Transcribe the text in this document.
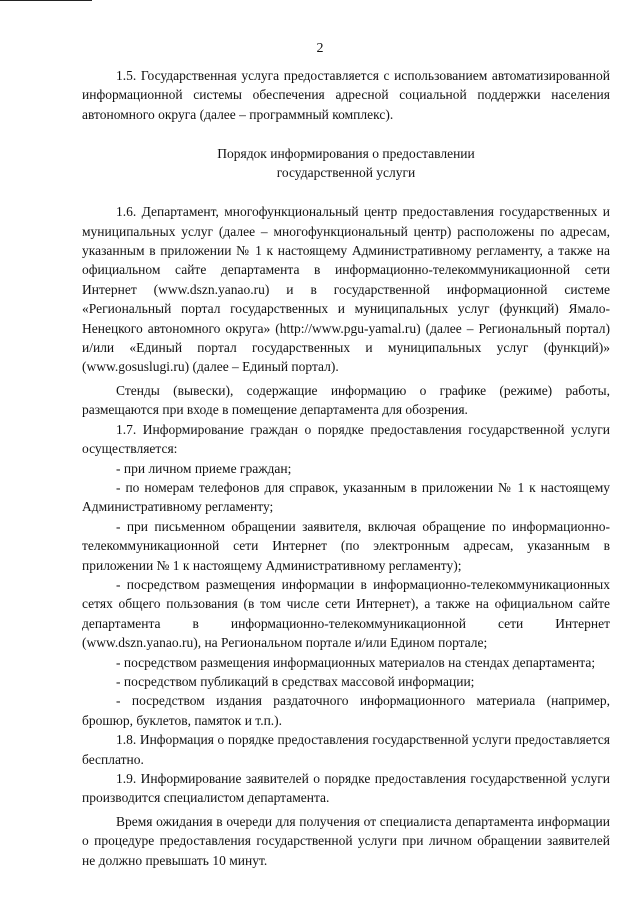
2

1.5. Государственная услуга предоставляется с использованием автоматизированной информационной системы обеспечения адресной социальной поддержки населения автономного округа (далее – программный комплекс).

Порядок информирования о предоставлении
государственной услуги

1.6. Департамент, многофункциональный центр предоставления государственных и муниципальных услуг (далее – многофункциональный центр) расположены по адресам, указанным в приложении № 1 к настоящему Административному регламенту, а также на официальном сайте департамента в информационно-телекоммуникационной сети Интернет (www.dszn.yanao.ru) и в государственной информационной системе «Региональный портал государственных и муниципальных услуг (функций) Ямало-Ненецкого автономного округа» (http://www.pgu-yamal.ru) (далее – Региональный портал) и/или «Единый портал государственных и муниципальных услуг (функций)» (www.gosuslugi.ru) (далее – Единый портал).

Стенды (вывески), содержащие информацию о графике (режиме) работы, размещаются при входе в помещение департамента для обозрения.

1.7. Информирование граждан о порядке предоставления государственной услуги осуществляется:

- при личном приеме граждан;

- по номерам телефонов для справок, указанным в приложении № 1 к настоящему Административному регламенту;

- при письменном обращении заявителя, включая обращение по информационно-телекоммуникационной сети Интернет (по электронным адресам, указанным в приложении № 1 к настоящему Административному регламенту);

- посредством размещения информации в информационно-телекоммуникационных сетях общего пользования (в том числе сети Интернет), а также на официальном сайте департамента в информационно-телекоммуникационной сети Интернет (www.dszn.yanao.ru), на Региональном портале и/или Едином портале;

- посредством размещения информационных материалов на стендах департамента;

- посредством публикаций в средствах массовой информации;

- посредством издания раздаточного информационного материала (например, брошюр, буклетов, памяток и т.п.).

1.8. Информация о порядке предоставления государственной услуги предоставляется бесплатно.

1.9. Информирование заявителей о порядке предоставления государственной услуги производится специалистом департамента.

Время ожидания в очереди для получения от специалиста департамента информации о процедуре предоставления государственной услуги при личном обращении заявителей не должно превышать 10 минут.
